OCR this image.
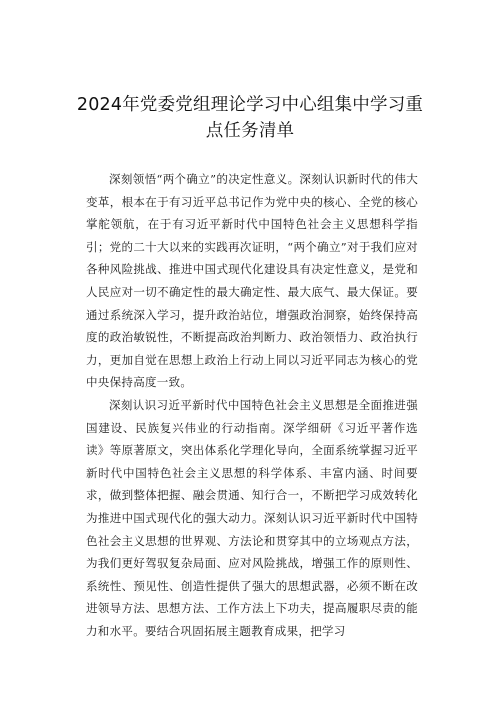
2024年党委党组理论学习中心组集中学习重
点任务清单

深刻领悟“两个确立”的决定性意义。深刻认识新时代的伟大变革，根本在于有习近平总书记作为党中央的核心、全党的核心掌舵领航，在于有习近平新时代中国特色社会主义思想科学指引；党的二十大以来的实践再次证明，“两个确立”对于我们应对各种风险挑战、推进中国式现代化建设具有决定性意义，是党和人民应对一切不确定性的最大确定性、最大底气、最大保证。要通过系统深入学习，提升政治站位，增强政治洞察，始终保持高度的政治敏锐性，不断提高政治判断力、政治领悟力、政治执行力，更加自觉在思想上政治上行动上同以习近平同志为核心的党中央保持高度一致。

深刻认识习近平新时代中国特色社会主义思想是全面推进强国建设、民族复兴伟业的行动指南。深学细研《习近平著作选读》等原著原文，突出体系化学理化导向，全面系统掌握习近平新时代中国特色社会主义思想的科学体系、丰富内涵、时间要求，做到整体把握、融会贯通、知行合一，不断把学习成效转化为推进中国式现代化的强大动力。深刻认识习近平新时代中国特色社会主义思想的世界观、方法论和贯穿其中的立场观点方法，为我们更好驾驭复杂局面、应对风险挑战，增强工作的原则性、系统性、预见性、创造性提供了强大的思想武器，必须不断在改进领导方法、思想方法、工作方法上下功夫，提高履职尽责的能力和水平。要结合巩固拓展主题教育成果，把学习
